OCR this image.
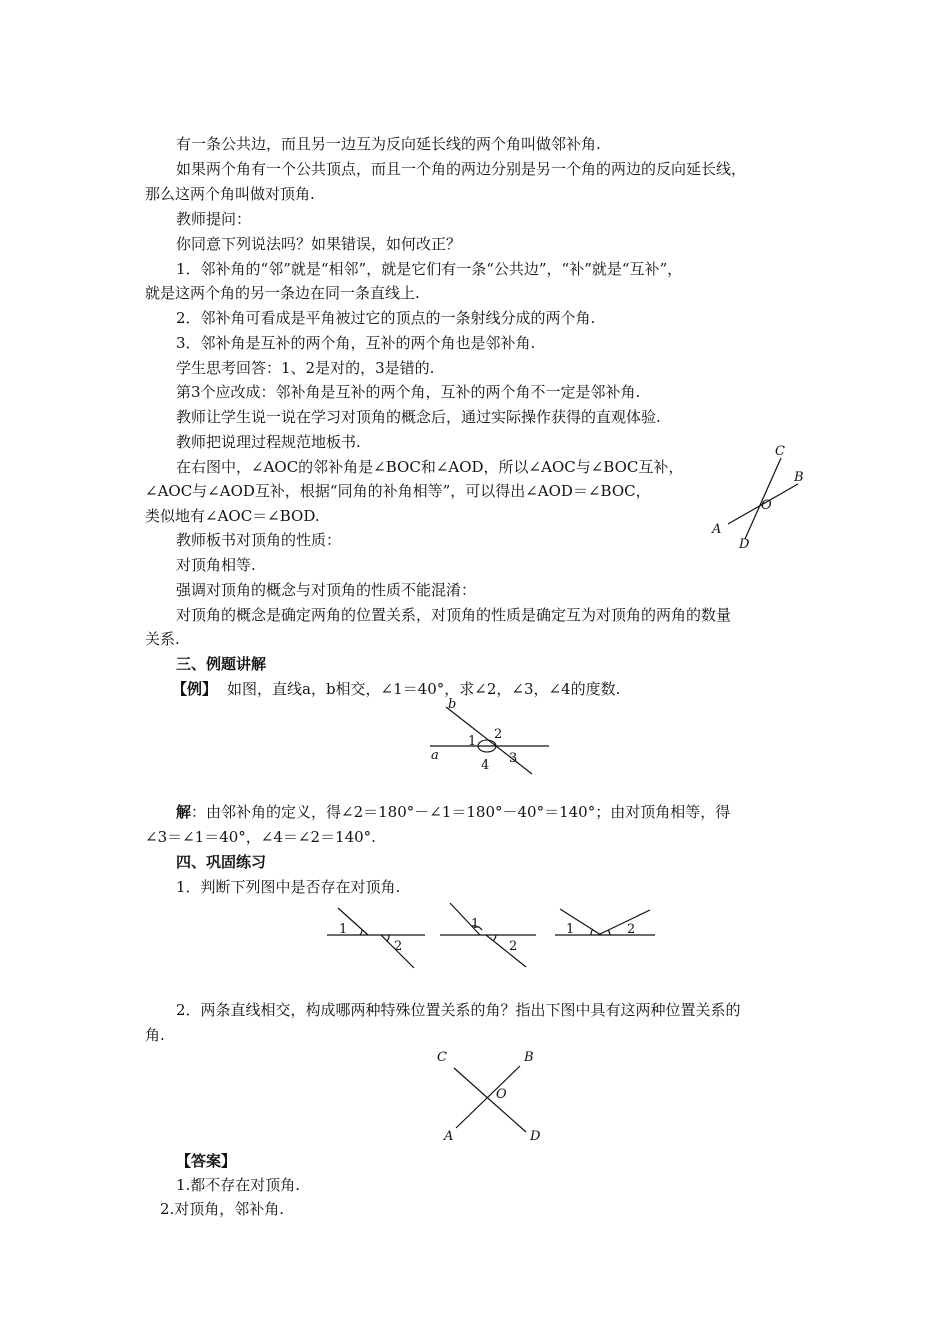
有一条公共边，而且另一边互为反向延长线的两个角叫做邻补角.
如果两个角有一个公共顶点，而且一个角的两边分别是另一个角的两边的反向延长线，
那么这两个角叫做对顶角.
教师提问：
你同意下列说法吗？如果错误，如何改正？
1．邻补角的“邻”就是“相邻”，就是它们有一条“公共边”，“补”就是“互补”，
就是这两个角的另一条边在同一条直线上.
2．邻补角可看成是平角被过它的顶点的一条射线分成的两个角.
3．邻补角是互补的两个角，互补的两个角也是邻补角.
学生思考回答：1、2是对的，3是错的.
第3个应改成：邻补角是互补的两个角，互补的两个角不一定是邻补角.
教师让学生说一说在学习对顶角的概念后，通过实际操作获得的直观体验.
教师把说理过程规范地板书.
在右图中，∠AOC的邻补角是∠BOC和∠AOD，所以∠AOC与∠BOC互补，
∠AOC与∠AOD互补，根据“同角的补角相等”，可以得出∠AOD＝∠BOC，
类似地有∠AOC＝∠BOD.
教师板书对顶角的性质：
对顶角相等.
强调对顶角的概念与对顶角的性质不能混淆：
对顶角的概念是确定两角的位置关系，对顶角的性质是确定互为对顶角的两角的数量
关系.
三、例题讲解
【例】 如图，直线a，b相交，∠1＝40°，求∠2，∠3，∠4的度数.
解：由邻补角的定义，得∠2＝180°－∠1＝180°－40°＝140°；由对顶角相等，得
∠3＝∠1＝40°，∠4＝∠2＝140°.
四、巩固练习
1．判断下列图中是否存在对顶角.
2．两条直线相交，构成哪两种特殊位置关系的角？指出下图中具有这两种位置关系的
角.
【答案】
1.都不存在对顶角.
2.对顶角，邻补角.
C
B
O
A
D
b
a
1 2
3
4
1
2
1
2
1	2
C	B
O
A	D
